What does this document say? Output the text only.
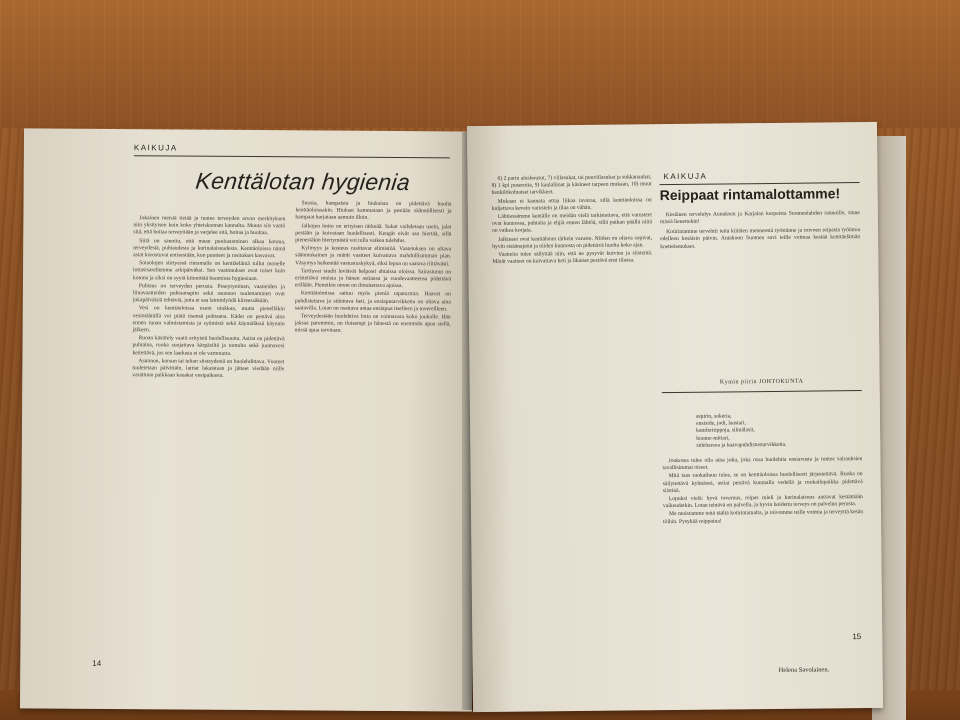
KAIKUJA
Kenttälotan hygienia

Jokainen meistä tietää ja tuntee terveyden arvon merkityksen niin yksityisen kuin koko yhteiskunnan kannalta. Muuta siis vaatii sitä, että hoitaa terveyttään ja varjelee sitä, hoitaa ja huoltaa.

Siitä on sanottu, että maan puolustaminen alkaa kotona, terveydestä, puhtaudesta ja kurinalaisuudesta. Kenttäoloissa nämä asiat korostuvat entisestään, kun puutteet ja rasitukset kasvavat.

Sotaolojen siirtyessä rintamalle on kenttäelämä tullut monelle lottasisarellemme arkipäiväksi. Sen vaatimukset ovat toiset kuin kotona ja siksi on syytä kiinnittää huomiota hygieniaan.

Puhtaus on terveyden perusta. Peseytyminen, vaatteiden ja liinavaatteiden puhtaanapito sekä asunnon tuulettaminen ovat jokapäiväisiä tehtäviä, joita ei saa laiminlyödä kiireessäkään.

Vesi on kenttäoloissa usein niukkaa, mutta pienelläkin vesimäärällä voi pitää itsensä puhtaana. Kädet on pestävä aina ennen ruoan valmistamista ja syömistä sekä käymälässä käynnin jälkeen.

Ruoan käsittely vaatii erityistä huolellisuutta. Astiat on pidettävä puhtaina, ruoka suojattava kärpäsiltä ja tomulta sekä juomavesi keitettävä, jos sen laadusta ei ole varmuutta.

Asunnon, korsun tai teltan siisteydestä on huolehdittava. Vuoteet tuuletetaan päivittäin, lattiat lakaistaan ja jätteet viedään niille varattuun paikkaan kauaksi vesipaikasta.

Suusta, hampaista ja hiuksista on pidettävä huolta kenttäoloissakin. Hiukset kammataan ja pestään säännöllisesti ja hampaat harjataan aamuin illoin.

Jalkojen hoito on erityisen tärkeää. Sukat vaihdetaan usein, jalat pestään ja kuivataan huolellisesti. Kengät eivät saa hiertää, sillä pienestäkin hiertymästä voi tulla vaikea tulehdus.

Kylmyys ja kosteus rasittavat elimistöä. Vaatetuksen on oltava säänmukainen ja märät vaatteet kuivattava mahdollisimman pian. Väsymys heikentää vastustuskykyä, siksi lepoa on saatava riittävästi.

Tarttuvat taudit leviävät helposti ahtaissa oloissa. Sairastunut on eristettävä muista ja hänen astiansa ja vuodevaatteensa pidettävä erillään. Pienetkin oireet on ilmoitettava ajoissa.

Kenttätoimissa sattuu myös pieniä tapaturmia. Haavat on puhdistettava ja sidottava heti, ja ensiaputarvikkeita on oltava aina saatavilla. Lotan on osattava antaa ensiapua itselleen ja tovereilleen.

Terveydestään huolehtiva lotta on voimavara koko joukolle. Hän jaksaa paremmin, on iloisempi ja hänestä on enemmän apua siellä, missä apua tarvitaan.

14
KAIKUJA
Reippaat rintamalottamme!

Kesäinen tervehdys Aunuksen ja Karjalan korpeista Suomenlahden rannoille, sinne missä lienettekin!

Kotirintamme tervehtii teitä kiittäen menneestä työstänne ja toivoen reipasta työintoa edelleen kesäisin päivin. Antakoon Suomen suvi teille voimaa kestää kenttäelämän koettelemukset.

Kymin piirin JOHTOKUNTA

6) 2 parin alushousut, 7) villasukat, tai puuvillasukat ja sukkanauhat, 8) 1 kpl puseroita, 9) kaulaliinat ja käsineet tarpeen mukaan, 10) muut henkilökohtaiset tarvikkeet.

Mukaan ei kannata ottaa liikaa tavaraa, sillä kenttäoloissa on kuljettava kevein varustein ja tilaa on vähän.

Lähtiessämme kentälle on meidän vielä tarkistettava, että varusteet ovat kunnossa, puhtaita ja ehjiä ennen lähtöä, sillä paikan päällä niitä on vaikea korjata.

Jalkineet ovat kenttälotan tärkein varuste. Niiden on oltava sopivat, hyvin sisäänajetut ja niiden kunnosta on pidettävä huolta koko ajan.

Vaatteita tulee säilyttää niin, että ne pysyvät kuivina ja siisteinä. Märät vaatteet on kuivattava heti ja likaiset pestävä ensi tilassa.

aspirin, sokeria,
ensiside, jodi, laastari,
kamferitippoja, silmälasit,
kuume-mittari,
sideharsoa ja haavapuhdistustarvikkeita.

Joukossa tulee olla aina joku, joka osaa huolehtia ensiavusta ja tuntee sairauksien tavallisimmat oireet.

Mitä taas ruokailuun tulee, se on kenttäoloissa huolellisesti järjestettävä. Ruoka on säilytettävä kylmässä, astiat pestävä kuumalla vedellä ja ruokailupaikka pidettävä siistinä.

Lopuksi vielä: hyvä toveruus, reipas mieli ja kurinalaisuus auttavat kestämään vaikeudetkin. Lotan tehtävä on palvella, ja hyvin hoidettu terveys on palvelun perusta.

Me muistamme teitä täältä kotirintamalta, ja toivomme teille voimia ja terveyttä kesän töihin. Pysykää reippaina!

Helena Savolainen.
15
